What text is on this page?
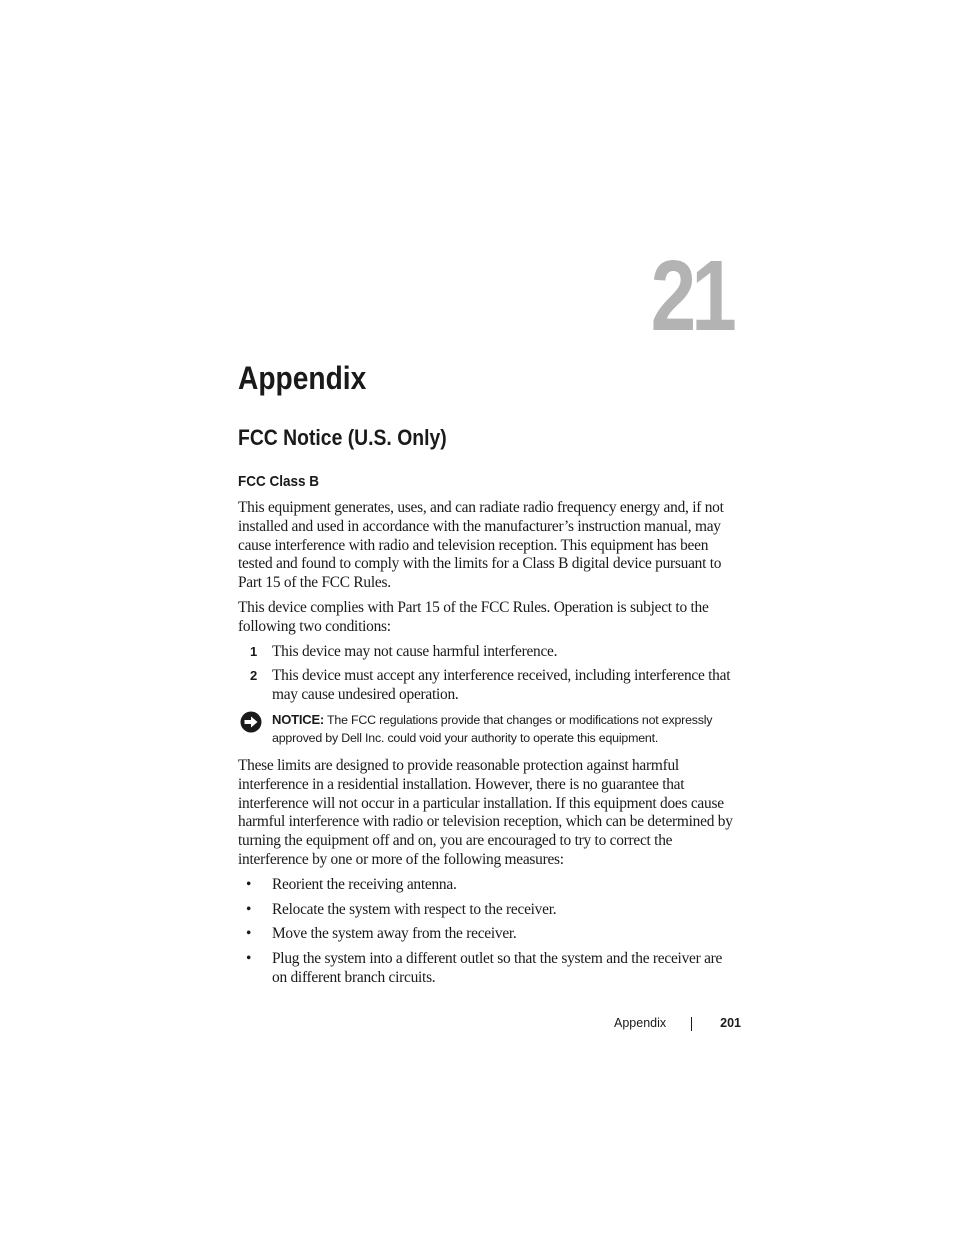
21
Appendix
FCC Notice (U.S. Only)
FCC Class B

This equipment generates, uses, and can radiate radio frequency energy and, if not installed and used in accordance with the manufacturer’s instruction manual, may cause interference with radio and television reception. This equipment has been tested and found to comply with the limits for a Class B digital device pursuant to Part 15 of the FCC Rules.

This device complies with Part 15 of the FCC Rules. Operation is subject to the following two conditions:

1 This device may not cause harmful interference.
2 This device must accept any interference received, including interference that may cause undesired operation.
NOTICE: The FCC regulations provide that changes or modifications not expressly approved by Dell Inc. could void your authority to operate this equipment.

These limits are designed to provide reasonable protection against harmful interference in a residential installation. However, there is no guarantee that interference will not occur in a particular installation. If this equipment does cause harmful interference with radio or television reception, which can be determined by turning the equipment off and on, you are encouraged to try to correct the interference by one or more of the following measures:

• Reorient the receiving antenna.
• Relocate the system with respect to the receiver.
• Move the system away from the receiver.
• Plug the system into a different outlet so that the system and the receiver are on different branch circuits.
Appendix	201
